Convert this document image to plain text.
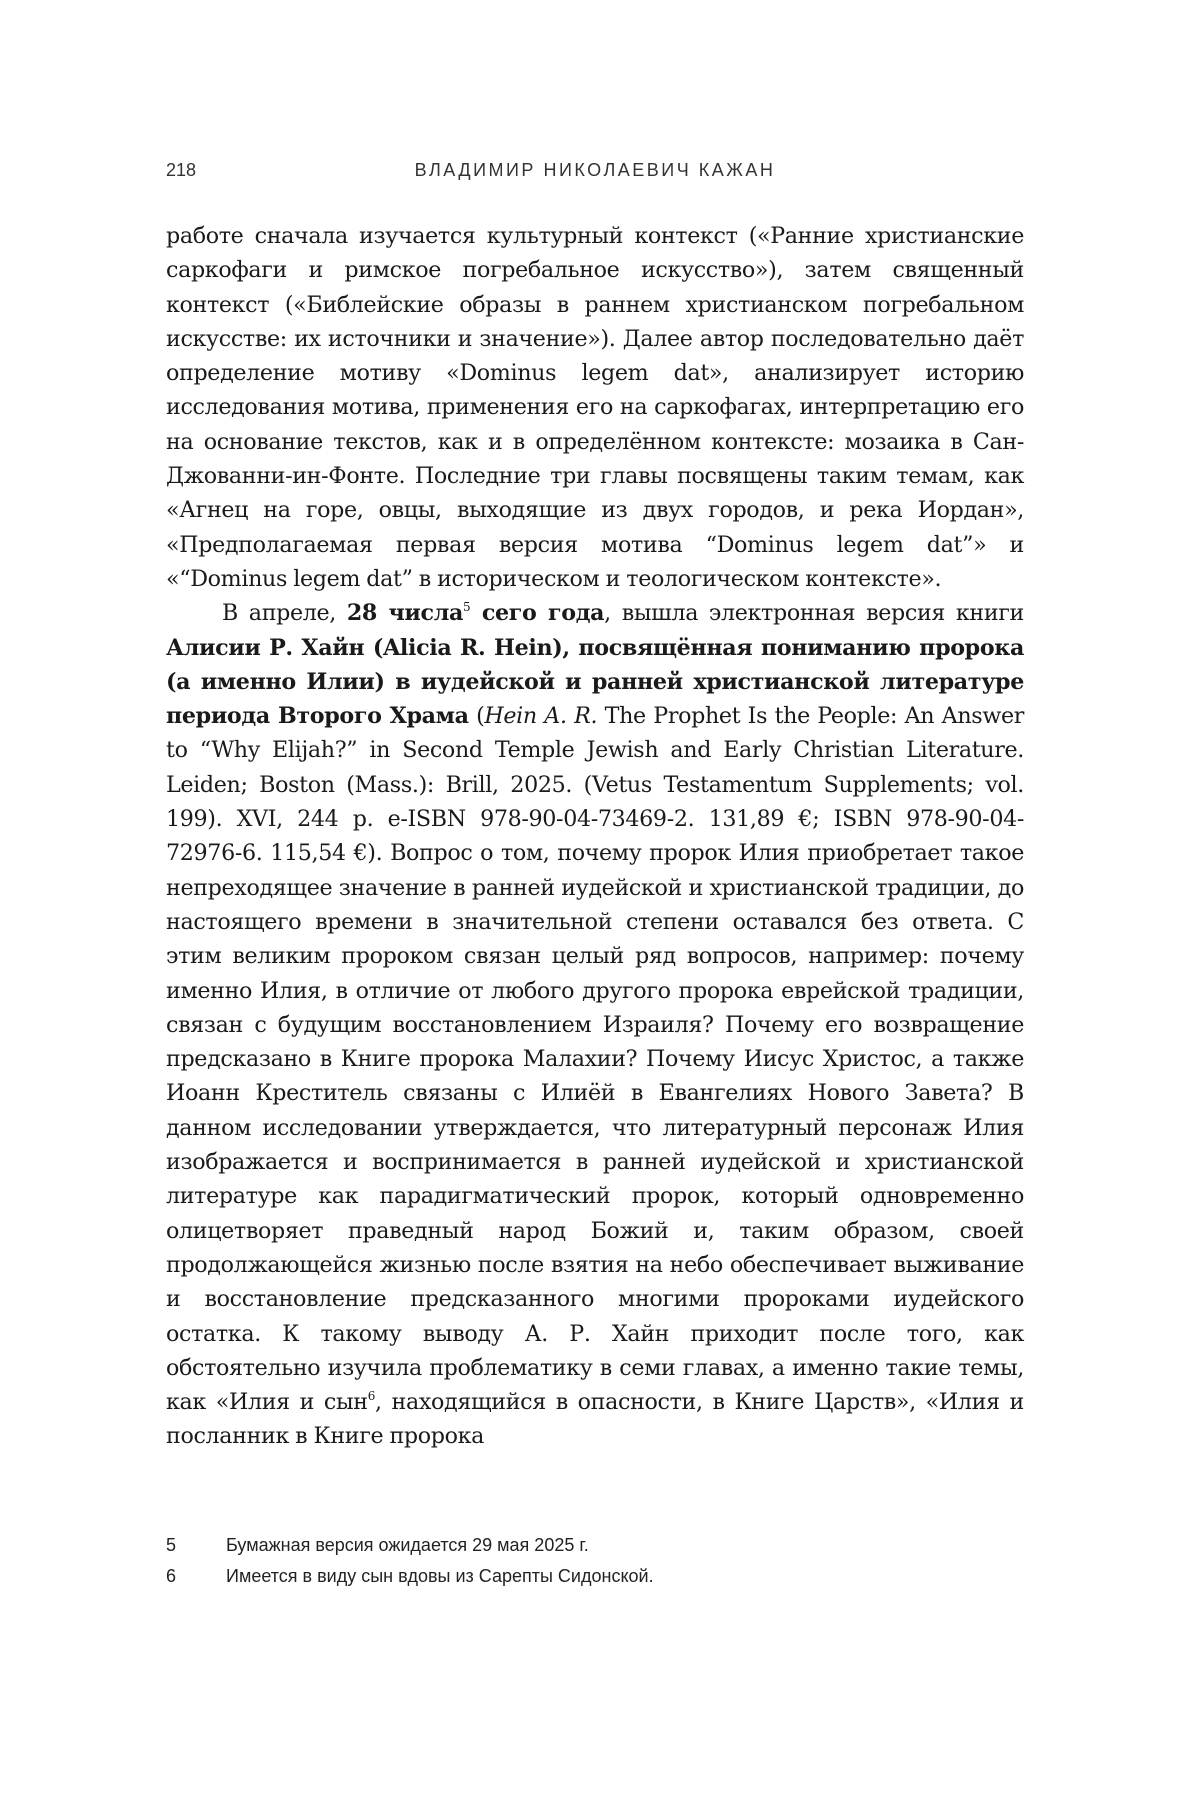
218	ВЛАДИМИР НИКОЛАЕВИЧ КАЖАН

работе сначала изучается культурный контекст («Ранние христианские саркофаги и римское погребальное искусство»), затем священный контекст («Библейские образы в раннем христианском погребальном искусстве: их источники и значение»). Далее автор последовательно даёт определение мотиву «Dominus legem dat», анализирует историю исследования мотива, применения его на саркофагах, интерпретацию его на основание текстов, как и в определённом контексте: мозаика в Сан-Джованни-ин-Фонте. Последние три главы посвящены таким темам, как «Агнец на горе, овцы, выходящие из двух городов, и река Иордан», «Предполагаемая первая версия мотива “Dominus legem dat”» и «“Dominus legem dat” в историческом и теологическом контексте».

В апреле, 28 числа$^5$ сего года, вышла электронная версия книги Алисии Р. Хайн (Alicia R. Hein), посвящённая пониманию пророка (а именно Илии) в иудейской и ранней христианской литературе периода Второго Храма (Hein A. R. The Prophet Is the People: An Answer to “Why Elijah?” in Second Temple Jewish and Early Christian Literature. Leiden; Boston (Mass.): Brill, 2025. (Vetus Testamentum Supplements; vol. 199). XVI, 244 p. e-ISBN 978-90-04-73469-2. 131,89 €; ISBN 978-90-04-72976-6. 115,54 €). Вопрос о том, почему пророк Илия приобретает такое непреходящее значение в ранней иудейской и христианской традиции, до настоящего времени в значительной степени оставался без ответа. С этим великим пророком связан целый ряд вопросов, например: почему именно Илия, в отличие от любого другого пророка еврейской традиции, связан с будущим восстановлением Израиля? Почему его возвращение предсказано в Книге пророка Малахии? Почему Иисус Христос, а также Иоанн Креститель связаны с Илиёй в Евангелиях Нового Завета? В данном исследовании утверждается, что литературный персонаж Илия изображается и воспринимается в ранней иудейской и христианской литературе как парадигматический пророк, который одновременно олицетворяет праведный народ Божий и, таким образом, своей продолжающейся жизнью после взятия на небо обеспечивает выживание и восстановление предсказанного многими пророками иудейского остатка. К такому выводу А. Р. Хайн приходит после того, как обстоятельно изучила проблематику в семи главах, а именно такие темы, как «Илия и сын$^6$, находящийся в опасности, в Книге Царств», «Илия и посланник в Книге пророка

5	Бумажная версия ожидается 29 мая 2025 г.
6	Имеется в виду сын вдовы из Сарепты Сидонской.
